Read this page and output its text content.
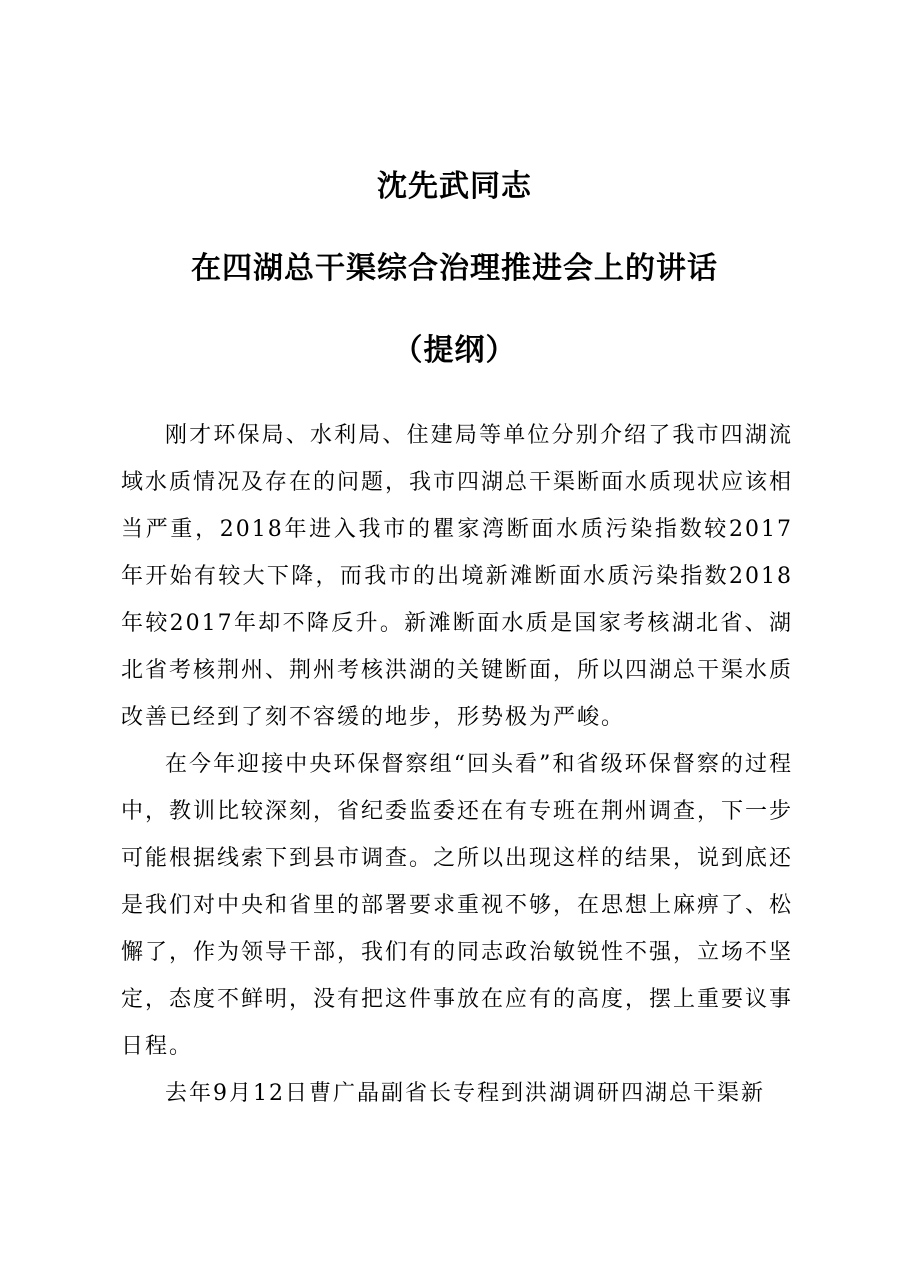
沈先武同志
在四湖总干渠综合治理推进会上的讲话
（提纲）

刚才环保局、水利局、住建局等单位分别介绍了我市四湖流域水质情况及存在的问题，我市四湖总干渠断面水质现状应该相当严重，2018年进入我市的瞿家湾断面水质污染指数较2017年开始有较大下降，而我市的出境新滩断面水质污染指数2018年较2017年却不降反升。新滩断面水质是国家考核湖北省、湖北省考核荆州、荆州考核洪湖的关键断面，所以四湖总干渠水质改善已经到了刻不容缓的地步，形势极为严峻。

在今年迎接中央环保督察组“回头看”和省级环保督察的过程中，教训比较深刻，省纪委监委还在有专班在荆州调查，下一步可能根据线索下到县市调查。之所以出现这样的结果，说到底还是我们对中央和省里的部署要求重视不够，在思想上麻痹了、松懈了，作为领导干部，我们有的同志政治敏锐性不强，立场不坚定，态度不鲜明，没有把这件事放在应有的高度，摆上重要议事日程。

去年9月12日曹广晶副省长专程到洪湖调研四湖总干渠新
